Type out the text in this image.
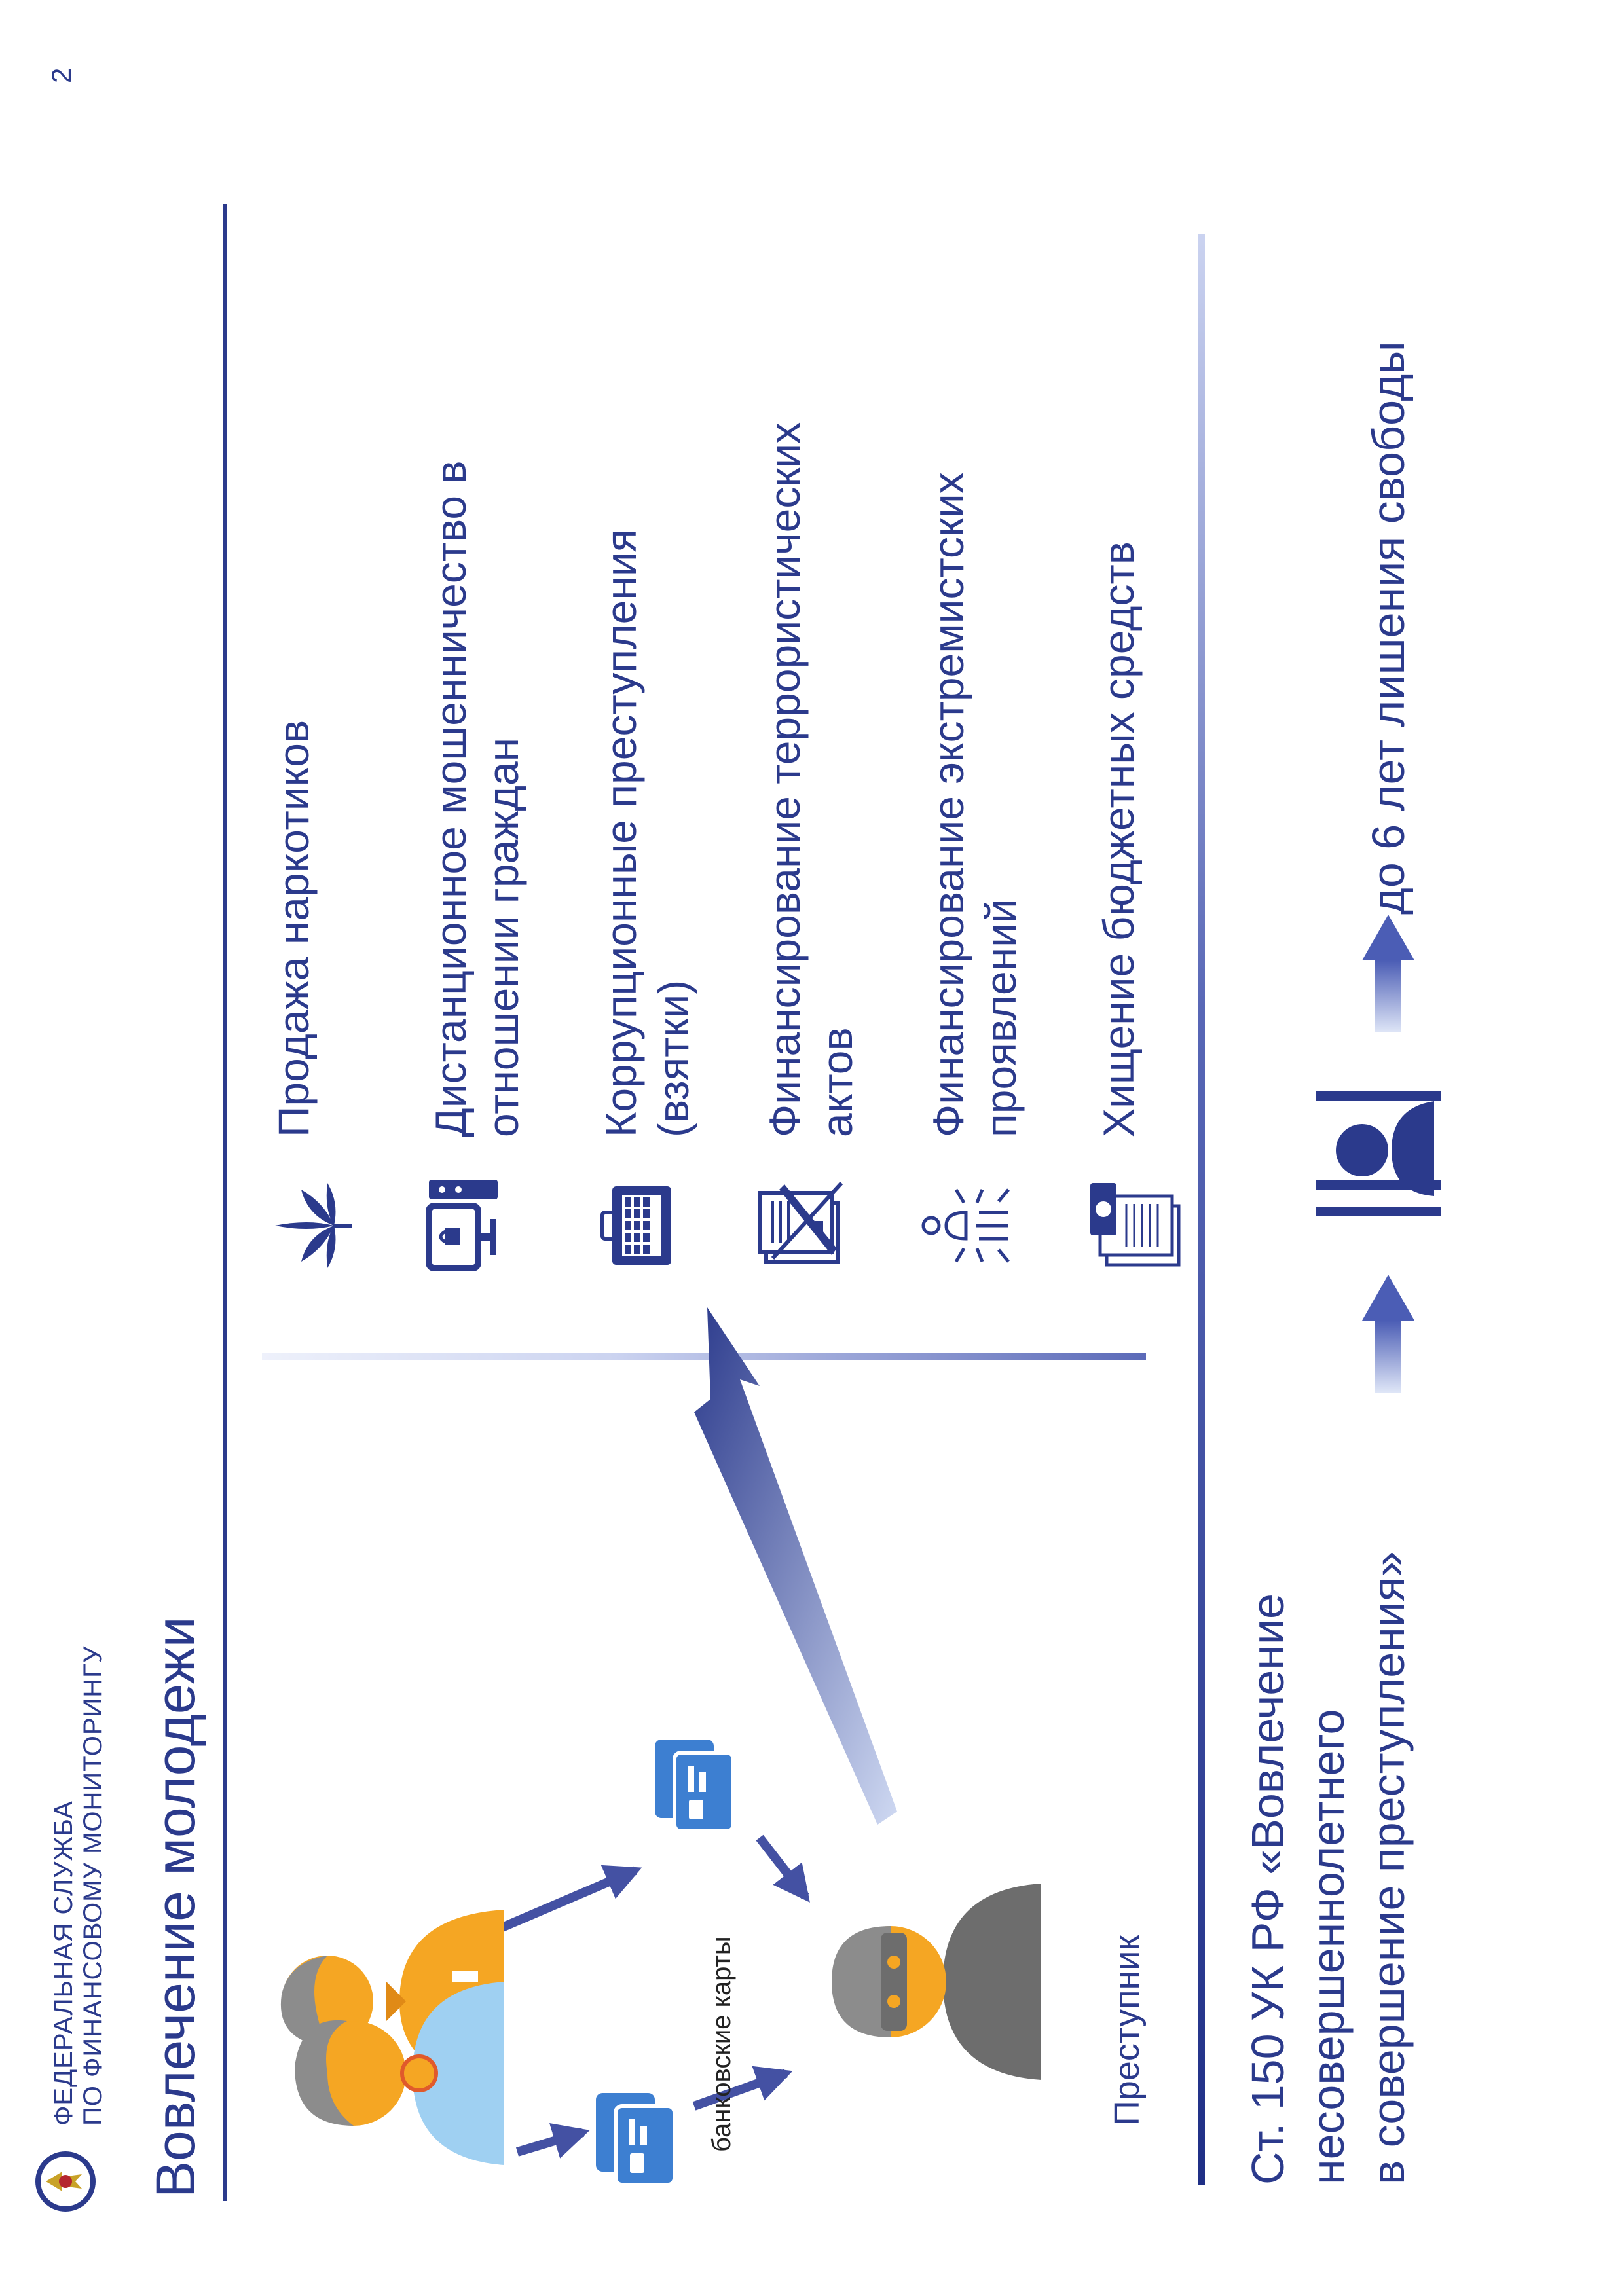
ФЕДЕРАЛЬНАЯ СЛУЖБА ПО ФИНАНСОВОМУ МОНИТОРИНГУ
2
Вовлечение молодежи	банковские карты	Преступник
Продажа наркотиков	Дистанционное мошенничество в отношении граждан Коррупционные преступления (взятки) Финансирование террористических актов Финансирование экстремистских проявлений Хищение бюджетных средств
Ст. 150 УК РФ «Вовлечение несовершеннолетнего в совершение преступления»
до 6 лет лишения свободы
